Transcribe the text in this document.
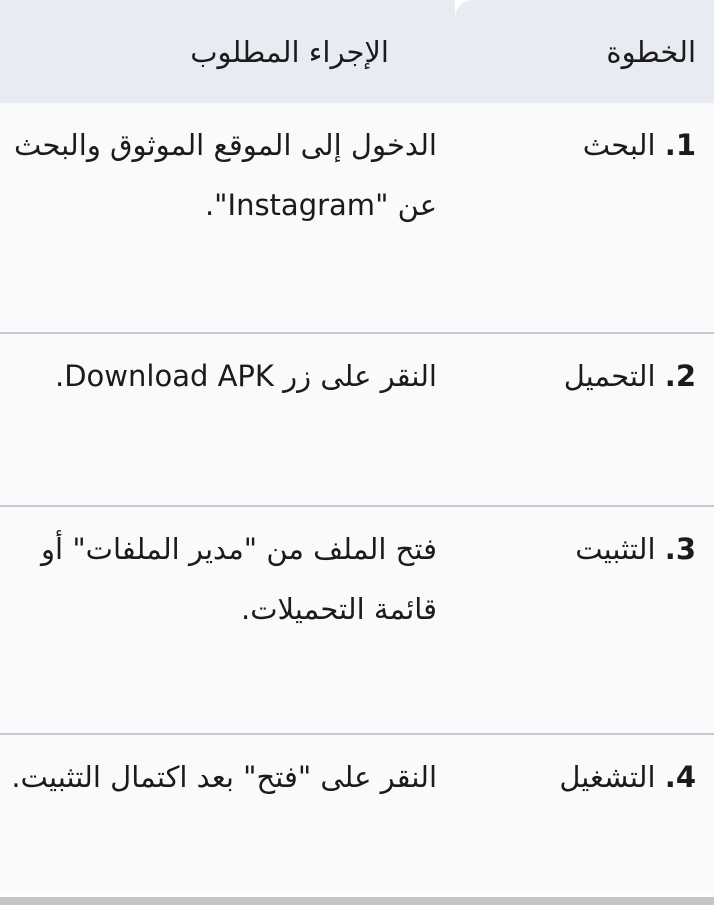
الخطوة	الإجراء المطلوب
1. البحث	الدخول إلى الموقع الموثوق والبحث عن "Instagram".
2. التحميل	النقر على زر Download APK.
3. التثبيت	فتح الملف من "مدير الملفات" أو قائمة التحميلات.
4. التشغيل	النقر على "فتح" بعد اكتمال التثبيت.
